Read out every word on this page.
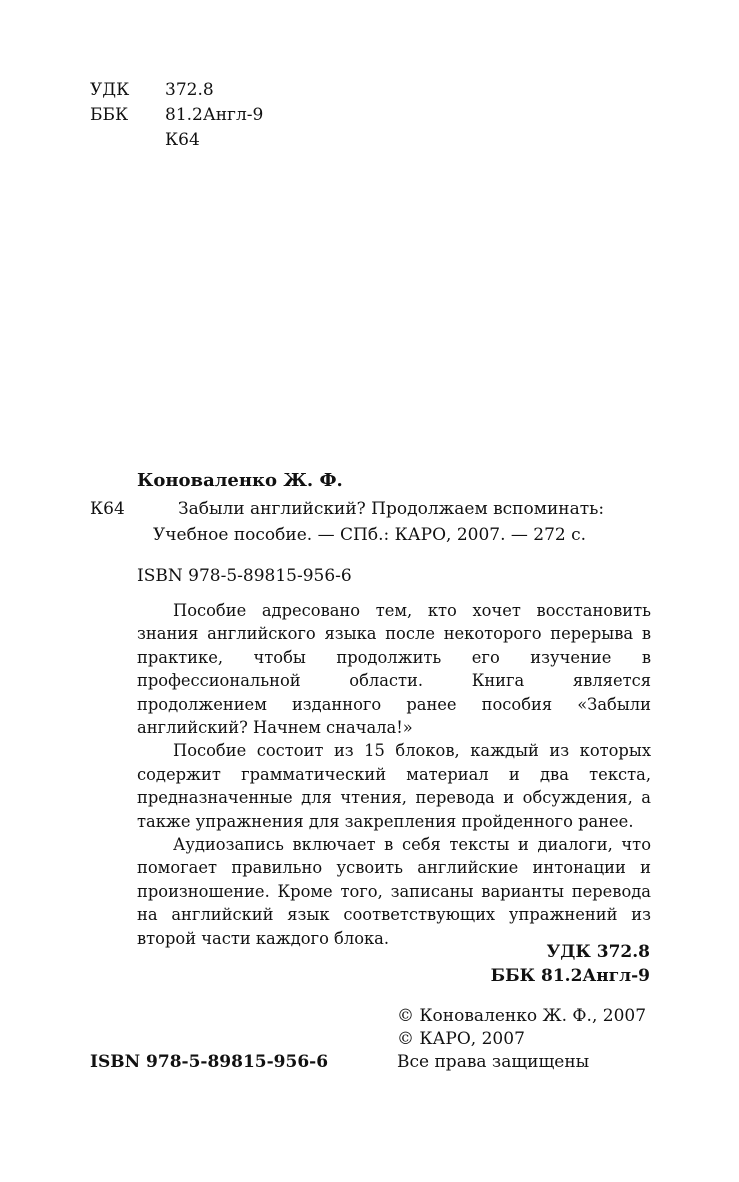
УДК 372.8
ББК 81.2Англ-9
К64
Коноваленко Ж. Ф.
К64	Забыли английский? Продолжаем вспоминать:
Учебное пособие. — СПб.: КАРО, 2007. — 272 с.
ISBN 978-5-89815-956-6
Пособие адресовано тем, кто хочет восстановить знания английского языка после некоторого перерыва в практике, чтобы продолжить его изучение в профессиональной области. Книга является продолжением изданного ранее пособия «Забыли английский? Начнем сначала!»
Пособие состоит из 15 блоков, каждый из которых содержит грамматический материал и два текста, предназначенные для чтения, перевода и обсуждения, а также упражнения для закрепления пройденного ранее.
Аудиозапись включает в себя тексты и диалоги, что помогает правильно усвоить английские интонации и произношение. Кроме того, записаны варианты перевода на английский язык соответствующих упражнений из второй части каждого блока.
УДК 372.8
ББК 81.2Англ-9
© Коноваленко Ж. Ф., 2007
© КАРО, 2007
Все права защищены
ISBN 978-5-89815-956-6
